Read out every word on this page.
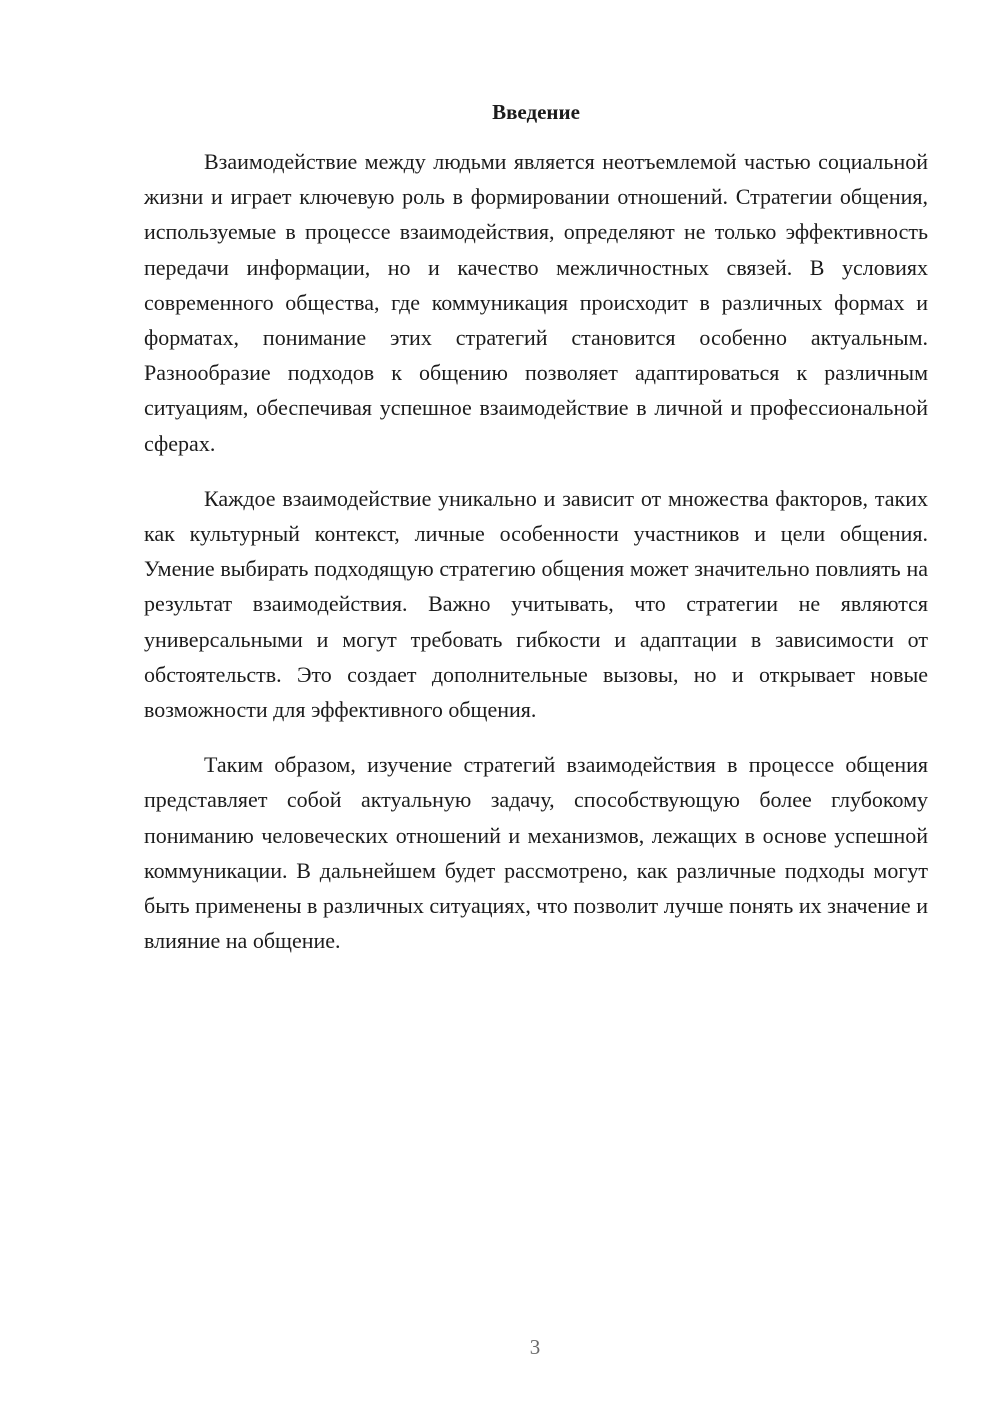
Введение

Взаимодействие между людьми является неотъемлемой частью социальной жизни и играет ключевую роль в формировании отношений. Стратегии общения, используемые в процессе взаимодействия, определяют не только эффективность передачи информации, но и качество межличностных связей. В условиях современного общества, где коммуникация происходит в различных формах и форматах, понимание этих стратегий становится особенно актуальным. Разнообразие подходов к общению позволяет адаптироваться к различным ситуациям, обеспечивая успешное взаимодействие в личной и профессиональной сферах.

Каждое взаимодействие уникально и зависит от множества факторов, таких как культурный контекст, личные особенности участников и цели общения. Умение выбирать подходящую стратегию общения может значительно повлиять на результат взаимодействия. Важно учитывать, что стратегии не являются универсальными и могут требовать гибкости и адаптации в зависимости от обстоятельств. Это создает дополнительные вызовы, но и открывает новые возможности для эффективного общения.

Таким образом, изучение стратегий взаимодействия в процессе общения представляет собой актуальную задачу, способствующую более глубокому пониманию человеческих отношений и механизмов, лежащих в основе успешной коммуникации. В дальнейшем будет рассмотрено, как различные подходы могут быть применены в различных ситуациях, что позволит лучше понять их значение и влияние на общение.

3
